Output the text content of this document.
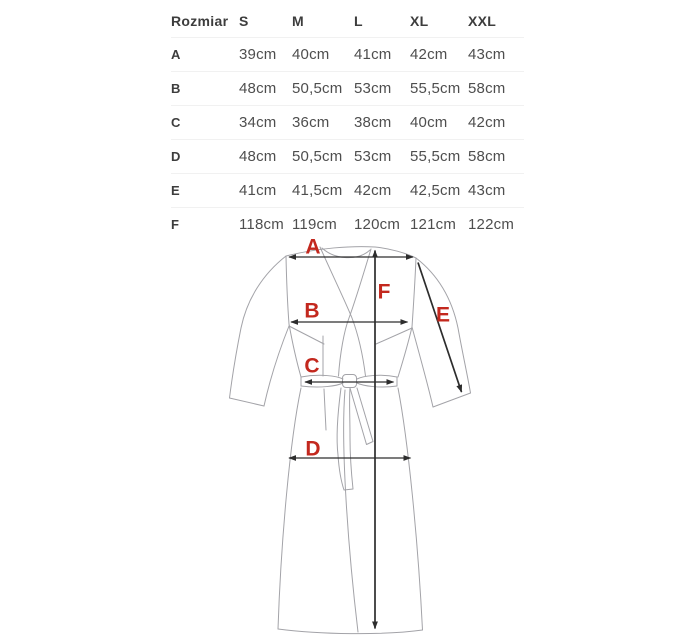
Rozmiar S	M	L	XL	XXL
A	39cm	40cm	41cm	42cm	43cm
B	48cm	50,5cm 53cm	55,5cm 58cm
C	34cm	36cm	38cm	40cm	42cm
D	48cm	50,5cm 53cm	55,5cm 58cm
E	41cm	41,5cm 42cm	42,5cm 43cm
F	118cm 119cm	120cm 121cm 122cm
A
B
C
D
E
F
